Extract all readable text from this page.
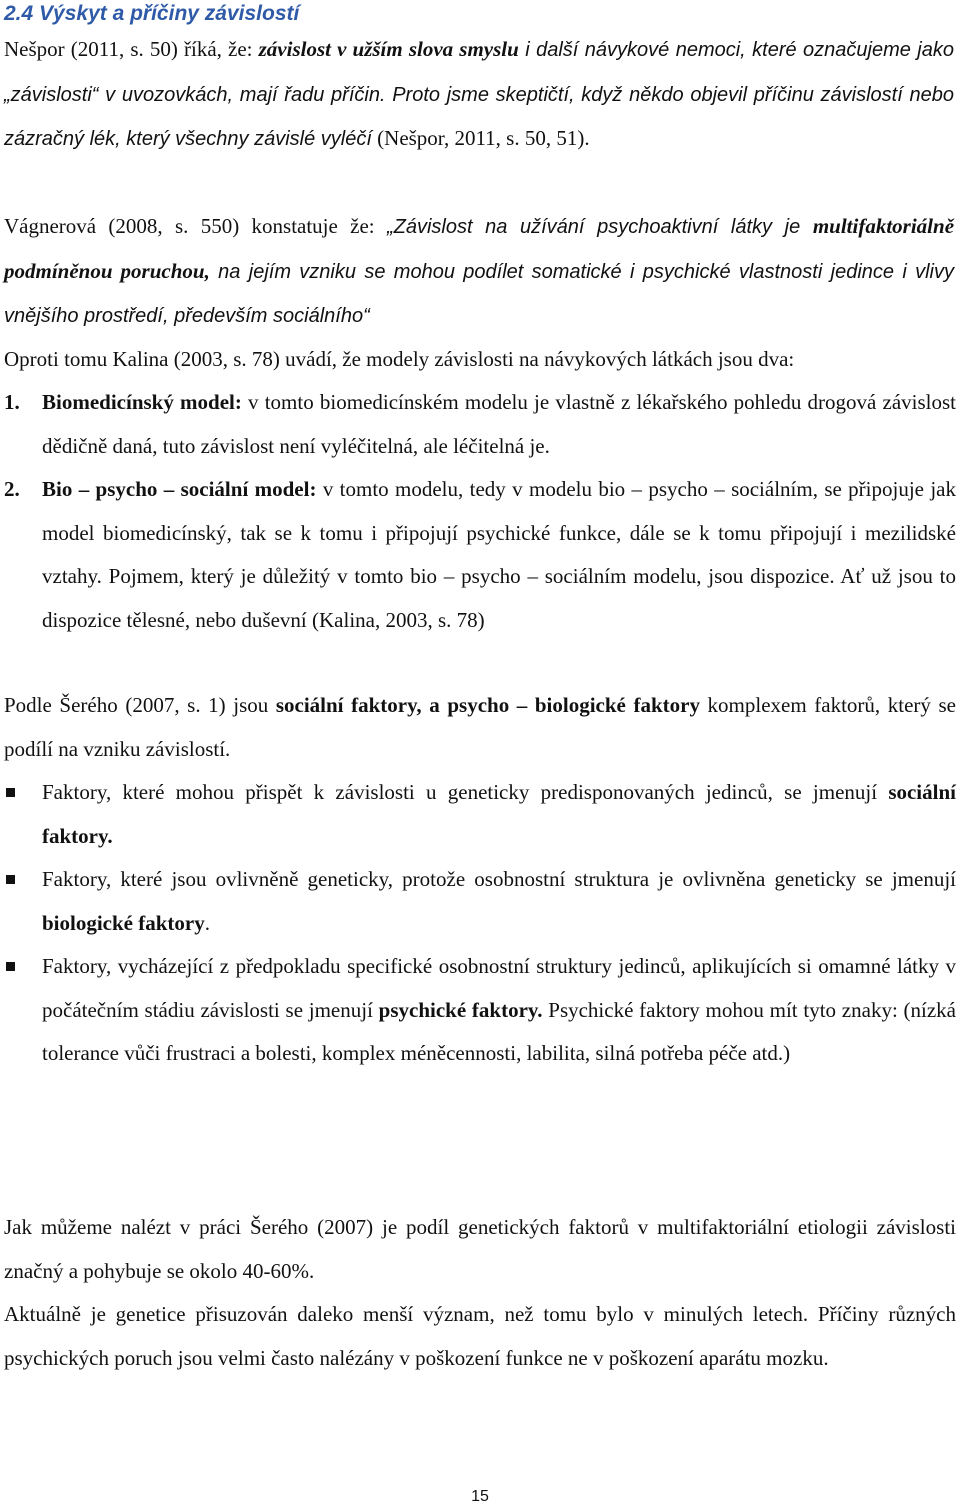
2.4 Výskyt a příčiny závislostí

Nešpor (2011, s. 50) říká, že: závislost v užším slova smyslu i další návykové nemoci, které označujeme jako „závislosti“ v uvozovkách, mají řadu příčin. Proto jsme skeptičtí, když někdo objevil příčinu závislostí nebo zázračný lék, který všechny závislé vyléčí (Nešpor, 2011, s. 50, 51).

Vágnerová (2008, s. 550) konstatuje že: „Závislost na užívání psychoaktivní látky je multifaktoriálně podmíněnou poruchou, na jejím vzniku se mohou podílet somatické i psychické vlastnosti jedince i vlivy vnějšího prostředí, především sociálního“

Oproti tomu Kalina (2003, s. 78) uvádí, že modely závislosti na návykových látkách jsou dva:

1. Biomedicínský model: v tomto biomedicínském modelu je vlastně z lékařského pohledu drogová závislost dědičně daná, tuto závislost není vyléčitelná, ale léčitelná je.

2. Bio – psycho – sociální model: v tomto modelu, tedy v modelu bio – psycho – sociálním, se připojuje jak model biomedicínský, tak se k tomu i připojují psychické funkce, dále se k tomu připojují i mezilidské vztahy. Pojmem, který je důležitý v tomto bio – psycho – sociálním modelu, jsou dispozice. Ať už jsou to dispozice tělesné, nebo duševní (Kalina, 2003, s. 78)

Podle Šerého (2007, s. 1) jsou sociální faktory, a psycho – biologické faktory komplexem faktorů, který se podílí na vzniku závislostí.

Faktory, které mohou přispět k závislosti u geneticky predisponovaných jedinců, se jmenují sociální faktory.

Faktory, které jsou ovlivněně geneticky, protože osobnostní struktura je ovlivněna geneticky se jmenují biologické faktory.

Faktory, vycházející z předpokladu specifické osobnostní struktury jedinců, aplikujících si omamné látky v počátečním stádiu závislosti se jmenují psychické faktory. Psychické faktory mohou mít tyto znaky: (nízká tolerance vůči frustraci a bolesti, komplex méněcennosti, labilita, silná potřeba péče atd.)

Jak můžeme nalézt v práci Šerého (2007) je podíl genetických faktorů v multifaktoriální etiologii závislosti značný a pohybuje se okolo 40-60%.

Aktuálně je genetice přisuzován daleko menší význam, než tomu bylo v minulých letech. Příčiny různých psychických poruch jsou velmi často nalézány v poškození funkce ne v poškození aparátu mozku.

15
